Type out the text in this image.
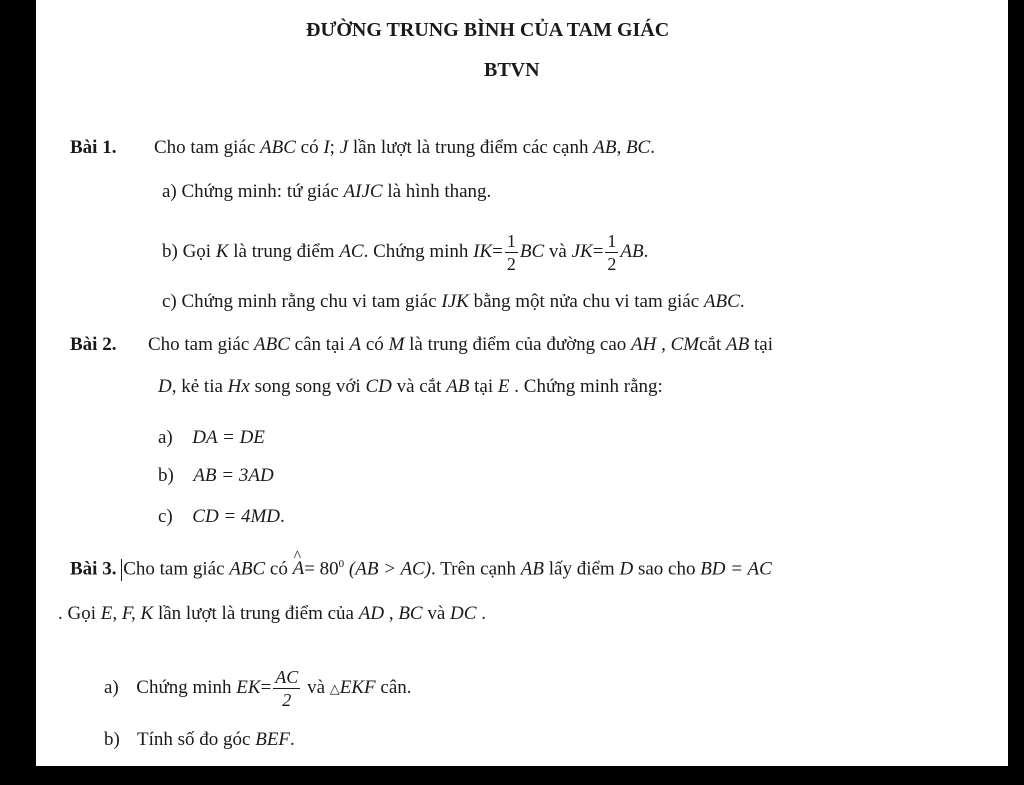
ĐƯỜNG TRUNG BÌNH CỦA TAM GIÁC
BTVN
Bài 1. Cho tam giác ABC có I; J lần lượt là trung điểm các cạnh AB, BC.
a) Chứng minh: tứ giác AIJC là hình thang.
b) Gọi K là trung điểm AC. Chứng minh $IK= \frac{1}{2}$ BC và $JK= \frac{1}{2}$ AB.
c) Chứng minh rằng chu vi tam giác IJK bằng một nửa chu vi tam giác ABC.
Bài 2. Cho tam giác ABC cân tại A có M là trung điểm của đường cao AH , CMcắt AB tại
D, kẻ tia Hx song song với CD và cắt AB tại E . Chứng minh rằng:
a) DA = DE
b) AB = 3AD
c) CD = 4MD.
Bài 3. Cho tam giác ABC có ^ $A= 80^0$ (AB > AC). Trên cạnh AB lấy điểm D sao cho BD = AC
. Gọi E, F, K lần lượt là trung điểm của AD , BC và DC .
a) Chứng minh $EK= \frac{AC}{2}$ và △EKF cân.
b) Tính số đo góc BEF.
